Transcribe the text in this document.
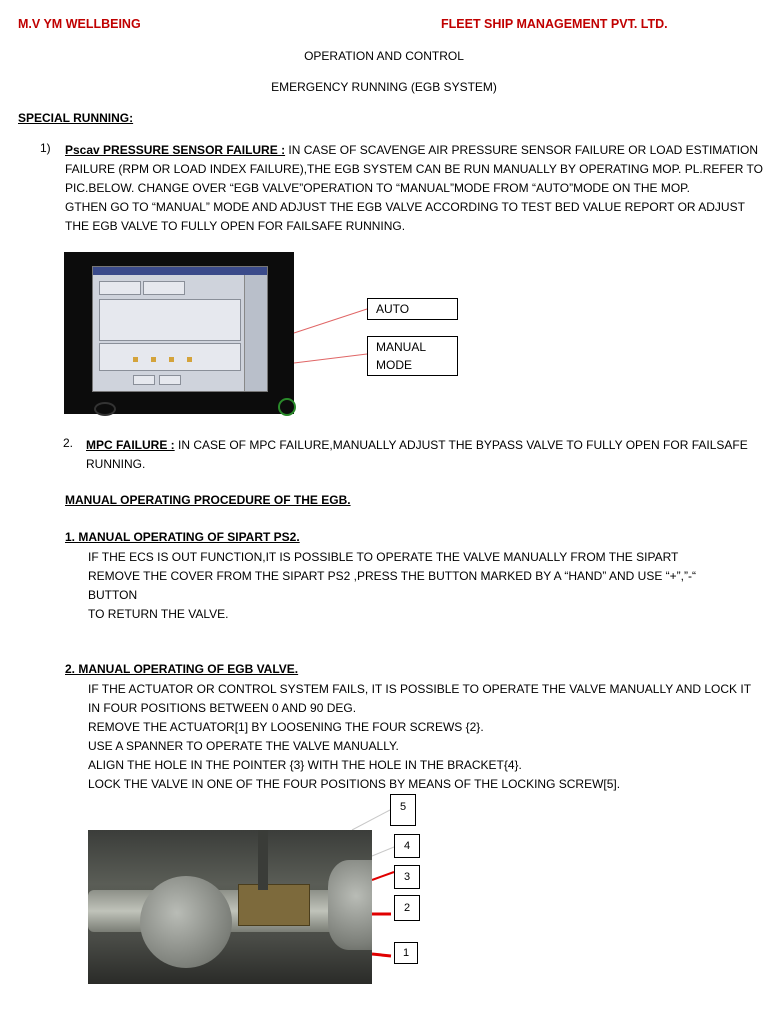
M.V YM WELLBEING	FLEET SHIP MANAGEMENT PVT. LTD.
OPERATION AND CONTROL
EMERGENCY RUNNING (EGB SYSTEM)
SPECIAL RUNNING:
1) Pscav PRESSURE SENSOR FAILURE : IN CASE OF SCAVENGE AIR PRESSURE SENSOR FAILURE OR LOAD ESTIMATION
FAILURE (RPM OR LOAD INDEX FAILURE),THE EGB SYSTEM CAN BE RUN MANUALLY BY OPERATING MOP. PL.REFER TO
PIC.BELOW. CHANGE OVER “EGB VALVE”OPERATION TO “MANUAL”MODE FROM “AUTO”MODE ON THE MOP.
GTHEN GO TO “MANUAL” MODE AND ADJUST THE EGB VALVE ACCORDING TO TEST BED VALUE REPORT OR ADJUST
THE EGB VALVE TO FULLY OPEN FOR FAILSAFE RUNNING.
AUTO
MANUAL
MODE
2. MPC FAILURE : IN CASE OF MPC FAILURE,MANUALLY ADJUST THE BYPASS VALVE TO FULLY OPEN FOR FAILSAFE
RUNNING.
MANUAL OPERATING PROCEDURE OF THE EGB.
1. MANUAL OPERATING OF SIPART PS2.
IF THE ECS IS OUT FUNCTION,IT IS POSSIBLE TO OPERATE THE VALVE MANUALLY FROM THE SIPART
REMOVE THE COVER FROM THE SIPART PS2 ,PRESS THE BUTTON MARKED BY A “HAND” AND USE “+”,”-“
BUTTON
TO RETURN THE VALVE.
2. MANUAL OPERATING OF EGB VALVE.
IF THE ACTUATOR OR CONTROL SYSTEM FAILS, IT IS POSSIBLE TO OPERATE THE VALVE MANUALLY AND LOCK IT
IN FOUR POSITIONS BETWEEN 0 AND 90 DEG.
REMOVE THE ACTUATOR[1] BY LOOSENING THE FOUR SCREWS {2}.
USE A SPANNER TO OPERATE THE VALVE MANUALLY.
ALIGN THE HOLE IN THE POINTER {3} WITH THE HOLE IN THE BRACKET{4}.
LOCK THE VALVE IN ONE OF THE FOUR POSITIONS BY MEANS OF THE LOCKING SCREW[5].
5
4
3
2
1
